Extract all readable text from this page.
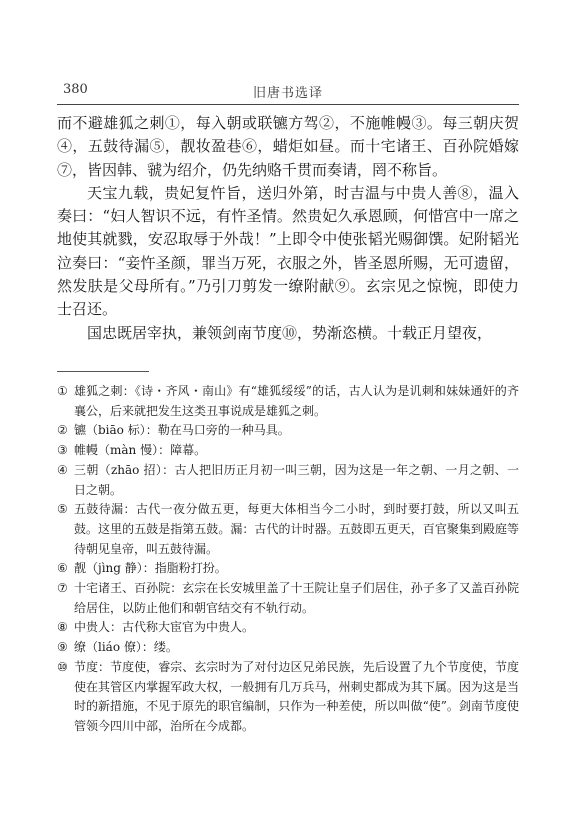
380	旧唐书选译

而不避雄狐之刺①，每入朝或联镳方驾②，不施帷幔③。每三朝庆贺④，五鼓待漏⑤，靓妆盈巷⑥，蜡炬如昼。而十宅诸王、百孙院婚嫁⑦，皆因韩、虢为绍介，仍先纳赂千贯而奏请，罔不称旨。

天宝九载，贵妃复忤旨，送归外第，时吉温与中贵人善⑧，温入奏曰：“妇人智识不远，有忤圣情。然贵妃久承恩顾，何惜宫中一席之地使其就戮，安忍取辱于外哉！”上即令中使张韬光赐御馔。妃附韬光泣奏曰：“妾忤圣颜，罪当万死，衣服之外，皆圣恩所赐，无可遗留，然发肤是父母所有。”乃引刀剪发一缭附献⑨。玄宗见之惊惋，即使力士召还。

国忠既居宰执，兼领剑南节度⑩，势渐恣横。十载正月望夜，

① 雄狐之刺：《诗・齐风・南山》有“雄狐绥绥”的话，古人认为是讥刺和妹妹通奸的齐襄公，后来就把发生这类丑事说成是雄狐之刺。
② 镳（biāo 标）：勒在马口旁的一种马具。
③ 帷幔（màn 慢）：障幕。
④ 三朝（zhāo 招）：古人把旧历正月初一叫三朝，因为这是一年之朝、一月之朝、一日之朝。
⑤ 五鼓待漏：古代一夜分做五更，每更大体相当今二小时，到时要打鼓，所以又叫五鼓。这里的五鼓是指第五鼓。漏：古代的计时器。五鼓即五更天，百官聚集到殿庭等待朝见皇帝，叫五鼓待漏。
⑥ 靓（jìng 静）：指脂粉打扮。
⑦ 十宅诸王、百孙院：玄宗在长安城里盖了十王院让皇子们居住，孙子多了又盖百孙院给居住，以防止他们和朝官结交有不轨行动。
⑧ 中贵人：古代称大宦官为中贵人。
⑨ 缭（liáo 僚）：缕。
⑩ 节度：节度使，睿宗、玄宗时为了对付边区兄弟民族，先后设置了九个节度使，节度使在其管区内掌握军政大权，一般拥有几万兵马，州刺史都成为其下属。因为这是当时的新措施，不见于原先的职官编制，只作为一种差使，所以叫做“使”。剑南节度使管领今四川中部，治所在今成都。
